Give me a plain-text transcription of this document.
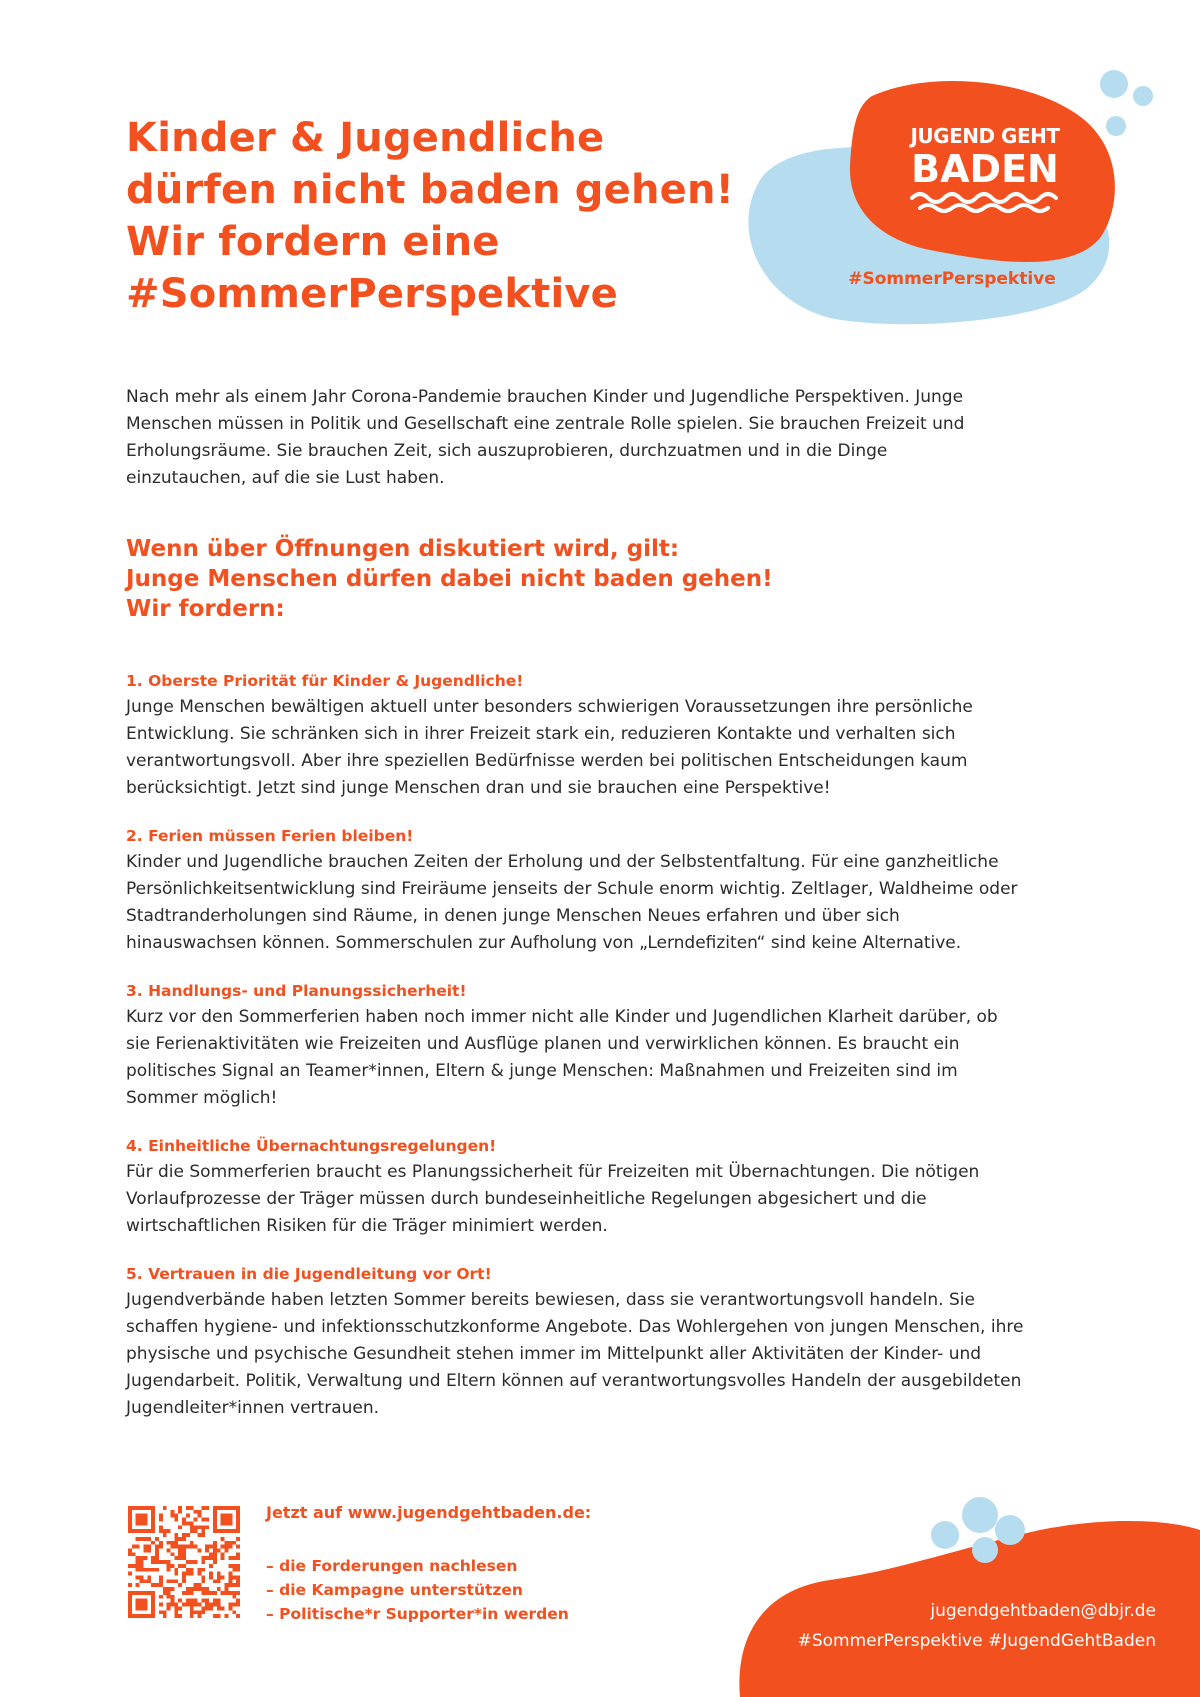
Kinder & Jugendliche
dürfen nicht baden gehen!
Wir fordern eine
#SommerPerspektive
JUGEND GEHT
BADEN
#SommerPerspektive

Nach mehr als einem Jahr Corona-Pandemie brauchen Kinder und Jugendliche Perspektiven. Junge Menschen müssen in Politik und Gesellschaft eine zentrale Rolle spielen. Sie brauchen Freizeit und Erholungsräume. Sie brauchen Zeit, sich auszuprobieren, durchzuatmen und in die Dinge einzutauchen, auf die sie Lust haben.

Wenn über Öffnungen diskutiert wird, gilt:
Junge Menschen dürfen dabei nicht baden gehen!
Wir fordern:
1. Oberste Priorität für Kinder & Jugendliche!

Junge Menschen bewältigen aktuell unter besonders schwierigen Voraussetzungen ihre persönliche Entwicklung. Sie schränken sich in ihrer Freizeit stark ein, reduzieren Kontakte und verhalten sich verantwortungsvoll. Aber ihre speziellen Bedürfnisse werden bei politischen Entscheidungen kaum berücksichtigt. Jetzt sind junge Menschen dran und sie brauchen eine Perspektive!

2. Ferien müssen Ferien bleiben!

Kinder und Jugendliche brauchen Zeiten der Erholung und der Selbstentfaltung. Für eine ganzheitliche Persönlichkeitsentwicklung sind Freiräume jenseits der Schule enorm wichtig. Zeltlager, Waldheime oder Stadtranderholungen sind Räume, in denen junge Menschen Neues erfahren und über sich hinauswachsen können. Sommerschulen zur Aufholung von „Lerndefiziten“ sind keine Alternative.

3. Handlungs- und Planungssicherheit!

Kurz vor den Sommerferien haben noch immer nicht alle Kinder und Jugendlichen Klarheit darüber, ob sie Ferienaktivitäten wie Freizeiten und Ausflüge planen und verwirklichen können. Es braucht ein politisches Signal an Teamer*innen, Eltern & junge Menschen: Maßnahmen und Freizeiten sind im Sommer möglich!

4. Einheitliche Übernachtungsregelungen!

Für die Sommerferien braucht es Planungssicherheit für Freizeiten mit Übernachtungen. Die nötigen Vorlaufprozesse der Träger müssen durch bundeseinheitliche Regelungen abgesichert und die wirtschaftlichen Risiken für die Träger minimiert werden.

5. Vertrauen in die Jugendleitung vor Ort!

Jugendverbände haben letzten Sommer bereits bewiesen, dass sie verantwortungsvoll handeln. Sie schaffen hygiene- und infektionsschutzkonforme Angebote. Das Wohlergehen von jungen Menschen, ihre physische und psychische Gesundheit stehen immer im Mittelpunkt aller Aktivitäten der Kinder- und Jugendarbeit. Politik, Verwaltung und Eltern können auf verantwortungsvolles Handeln der ausgebildeten Jugendleiter*innen vertrauen.

Jetzt auf www.jugendgehtbaden.de:
– die Forderungen nachlesen
– die Kampagne unterstützen
– Politische*r Supporter*in werden	jugendgehtbaden@dbjr.de
#SommerPerspektive #JugendGehtBaden
